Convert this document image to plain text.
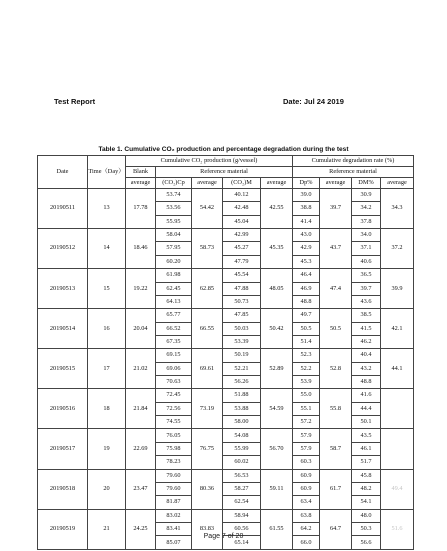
Test Report	Date: Jul 24 2019
Table 1. Cumulative CO₂ production and percentage degradation during the test
Date	Time（Day）	Cumulative CO₂ production (g/vessel)					Cumulative degradation rate (%)			
		Blank	Reference material				Reference material			
		average	(CO₂)Cp	average	(CO₂)M	average	Dp%	average	DM%	average
20190511	13	17.78	53.74	54.42	40.12	42.55	39.0	39.7	30.9	34.3
			53.56		42.48		38.8		34.2	
			55.95		45.04		41.4		37.8	
20190512	14	18.46	58.04	58.73	42.99	45.35	43.0	43.7	34.0	37.2
			57.95		45.27		42.9		37.1	
			60.20		47.79		45.3		40.6	
20190513	15	19.22	61.98	62.85	45.54	48.05	46.4	47.4	36.5	39.9
			62.45		47.88		46.9		39.7	
			64.13		50.73		48.8		43.6	
20190514	16	20.04	65.77	66.55	47.85	50.42	49.7	50.5	38.5	42.1
			66.52		50.03		50.5		41.5	
			67.35		53.39		51.4		46.2	
20190515	17	21.02	69.15	69.61	50.19	52.89	52.3	52.8	40.4	44.1
			69.06		52.21		52.2		43.2	
			70.63		56.26		53.9		48.8	
20190516	18	21.84	72.45	73.19	51.88	54.59	55.0	55.8	41.6	
			72.56		53.88		55.1		44.4	
			74.55		58.00		57.2		50.1	
20190517	19	22.69	76.05	76.75	54.08	56.70	57.9	58.7	43.5	
			75.98		55.99		57.9		46.1	
			78.23		60.02		60.3		51.7	
20190518	20	23.47	79.60	80.36	56.53	59.11	60.9	61.7	45.8	49.4
			79.60		58.27		60.9		48.2	
			81.87		62.54		63.4		54.1	
20190519	21	24.25	83.02	83.83	58.94	61.55	63.8	64.7	48.0	51.6
			83.41		60.56		64.2		50.3	
			85.07		65.14		66.0		56.6	
Page 7 of 20
